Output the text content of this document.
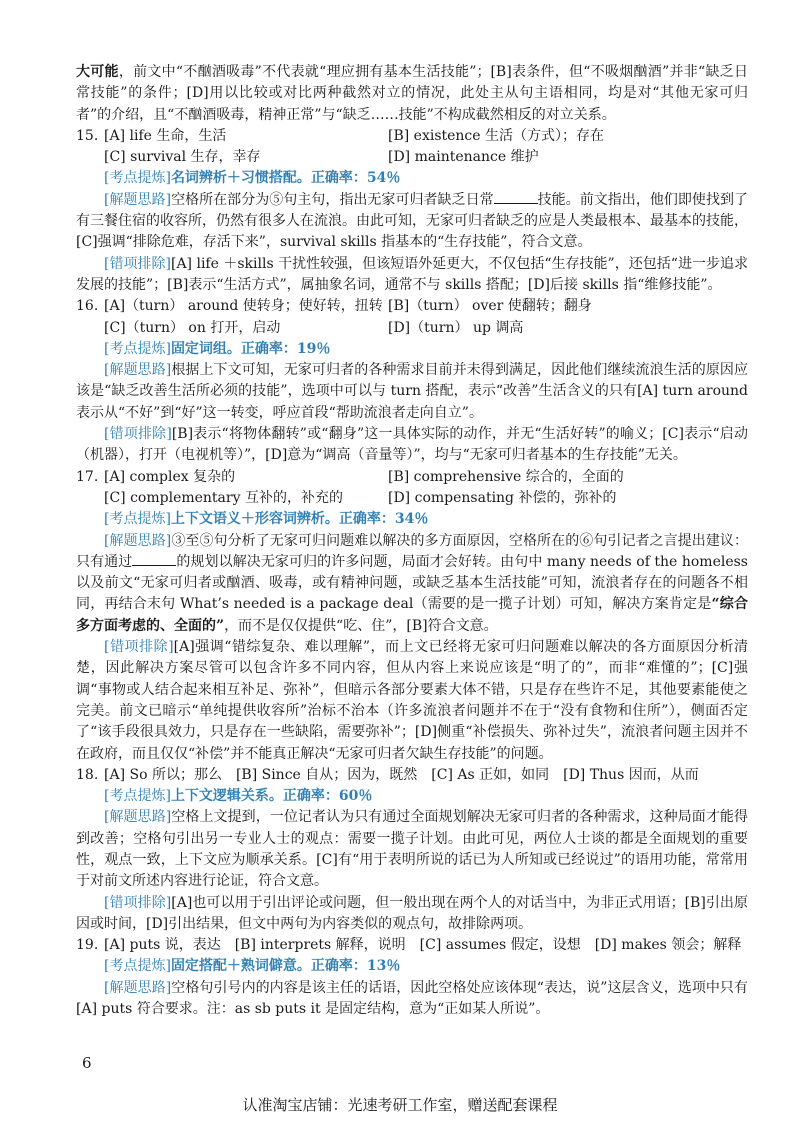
大可能，前文中“不酗酒吸毒”不代表就“理应拥有基本生活技能”；[B]表条件，但“不吸烟酗酒”并非“缺乏日常技能”的条件；[D]用以比较或对比两种截然对立的情况，此处主从句主语相同，均是对“其他无家可归者”的介绍，且“不酗酒吸毒，精神正常”与“缺乏……技能”不构成截然相反的对立关系。

15. [A] life 生命，生活	[B] existence 生活（方式）；存在
[C] survival 生存，幸存	[D] maintenance 维护

[考点提炼]名词辨析＋习惯搭配。正确率：54％

[解题思路]空格所在部分为⑤句主句，指出无家可归者缺乏日常	技能。前文指出，他们即使找到了有三餐住宿的收容所，仍然有很多人在流浪。由此可知，无家可归者缺乏的应是人类最根本、最基本的技能，[C]强调“排除危难，存活下来”，survival skills 指基本的“生存技能”，符合文意。

[错项排除][A] life ＋skills 干扰性较强，但该短语外延更大，不仅包括“生存技能”，还包括“进一步追求发展的技能”；[B]表示“生活方式”，属抽象名词，通常不与 skills 搭配；[D]后接 skills 指“维修技能”。

16. [A]（turn） around 使转身；使好转，扭转 [B]（turn） over 使翻转；翻身
[C]（turn） on 打开，启动	[D]（turn） up 调高

[考点提炼]固定词组。正确率：19％

[解题思路]根据上下文可知，无家可归者的各种需求目前并未得到满足，因此他们继续流浪生活的原因应该是“缺乏改善生活所必须的技能”，选项中可以与 turn 搭配，表示“改善”生活含义的只有[A] turn around 表示从“不好”到“好”这一转变，呼应首段“帮助流浪者走向自立”。

[错项排除][B]表示“将物体翻转”或“翻身”这一具体实际的动作，并无“生活好转”的喻义；[C]表示“启动（机器），打开（电视机等）”，[D]意为“调高（音量等）”，均与“无家可归者基本的生存技能”无关。

17. [A] complex 复杂的	[B] comprehensive 综合的，全面的
[C] complementary 互补的，补充的	[D] compensating 补偿的，弥补的

[考点提炼]上下文语义＋形容词辨析。正确率：34％

[解题思路]③至⑤句分析了无家可归问题难以解决的多方面原因，空格所在的⑥句引记者之言提出建议：只有通过	的规划以解决无家可归的许多问题，局面才会好转。由句中 many needs of the homeless 以及前文“无家可归者或酗酒、吸毒，或有精神问题，或缺乏基本生活技能”可知，流浪者存在的问题各不相同，再结合末句 What’s needed is a package deal（需要的是一揽子计划）可知，解决方案肯定是“综合多方面考虑的、全面的”，而不是仅仅提供“吃、住”，[B]符合文意。

[错项排除][A]强调“错综复杂、难以理解”，而上文已经将无家可归问题难以解决的各方面原因分析清楚，因此解决方案尽管可以包含许多不同内容，但从内容上来说应该是“明了的”，而非“难懂的”；[C]强调“事物或人结合起来相互补足、弥补”，但暗示各部分要素大体不错，只是存在些许不足，其他要素能使之完美。前文已暗示“单纯提供收容所”治标不治本（许多流浪者问题并不在于“没有食物和住所”），侧面否定了“该手段很具效力，只是存在一些缺陷，需要弥补”；[D]侧重“补偿损失、弥补过失”，流浪者问题主因并不在政府，而且仅仅“补偿”并不能真正解决“无家可归者欠缺生存技能”的问题。

18. [A] So 所以；那么　[B] Since 自从；因为，既然　[C] As 正如，如同　[D] Thus 因而，从而

[考点提炼]上下文逻辑关系。正确率：60％

[解题思路]空格上文提到，一位记者认为只有通过全面规划解决无家可归者的各种需求，这种局面才能得到改善；空格句引出另一专业人士的观点：需要一揽子计划。由此可见，两位人士谈的都是全面规划的重要性，观点一致，上下文应为顺承关系。[C]有“用于表明所说的话已为人所知或已经说过”的语用功能，常常用于对前文所述内容进行论证，符合文意。

[错项排除][A]也可以用于引出评论或问题，但一般出现在两个人的对话当中，为非正式用语；[B]引出原因或时间，[D]引出结果，但文中两句为内容类似的观点句，故排除两项。

19. [A] puts 说，表达　[B] interprets 解释，说明　[C] assumes 假定，设想　[D] makes 领会；解释

[考点提炼]固定搭配＋熟词僻意。正确率：13％

[解题思路]空格句引号内的内容是该主任的话语，因此空格处应该体现“表达，说”这层含义，选项中只有[A] puts 符合要求。注：as sb puts it 是固定结构，意为“正如某人所说”。

6
认准淘宝店铺：光速考研工作室，赠送配套课程
